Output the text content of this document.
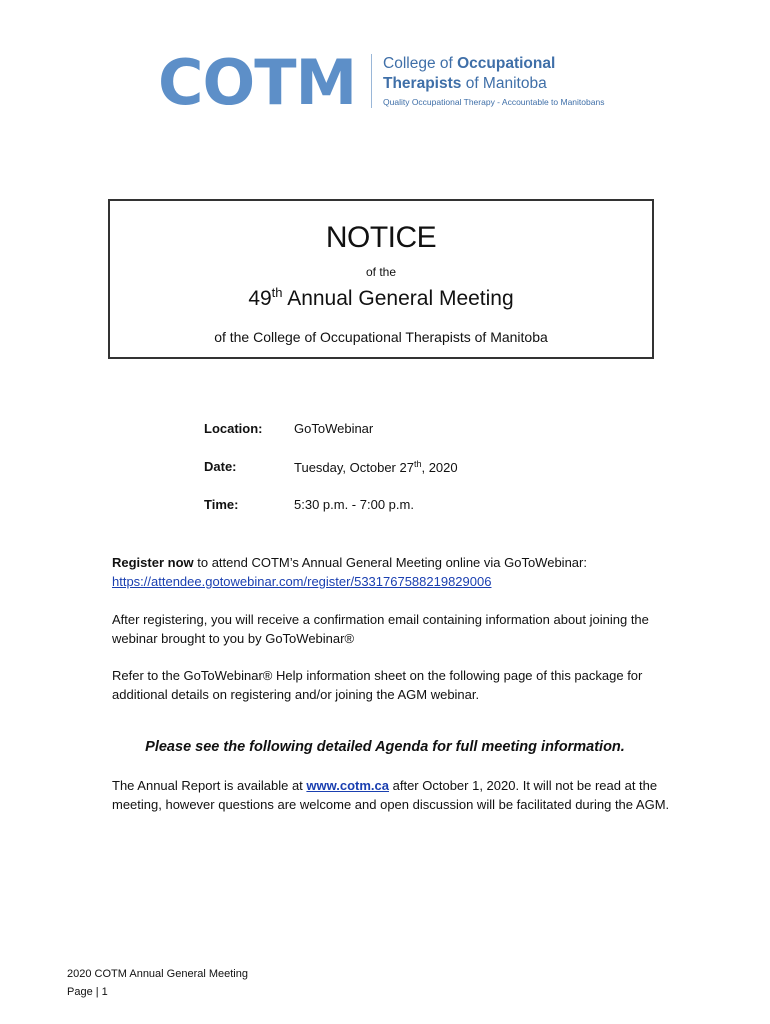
COTM College of Occupational
Therapists of Manitoba
Quality Occupational Therapy - Accountable to Manitobans
NOTICE
of the
49th Annual General Meeting
of the College of Occupational Therapists of Manitoba
Location: GoToWebinar
Date:	Tuesday, October 27th, 2020
Time:	5:30 p.m. - 7:00 p.m.
Register now to attend COTM’s Annual General Meeting online via GoToWebinar:
https://attendee.gotowebinar.com/register/5331767588219829006
After registering, you will receive a confirmation email containing information about joining the webinar brought to you by GoToWebinar®
Refer to the GoToWebinar® Help information sheet on the following page of this package for additional details on registering and/or joining the AGM webinar.
Please see the following detailed Agenda for full meeting information.
The Annual Report is available at www.cotm.ca after October 1, 2020. It will not be read at the meeting, however questions are welcome and open discussion will be facilitated during the AGM.
2020 COTM Annual General Meeting
Page | 1
